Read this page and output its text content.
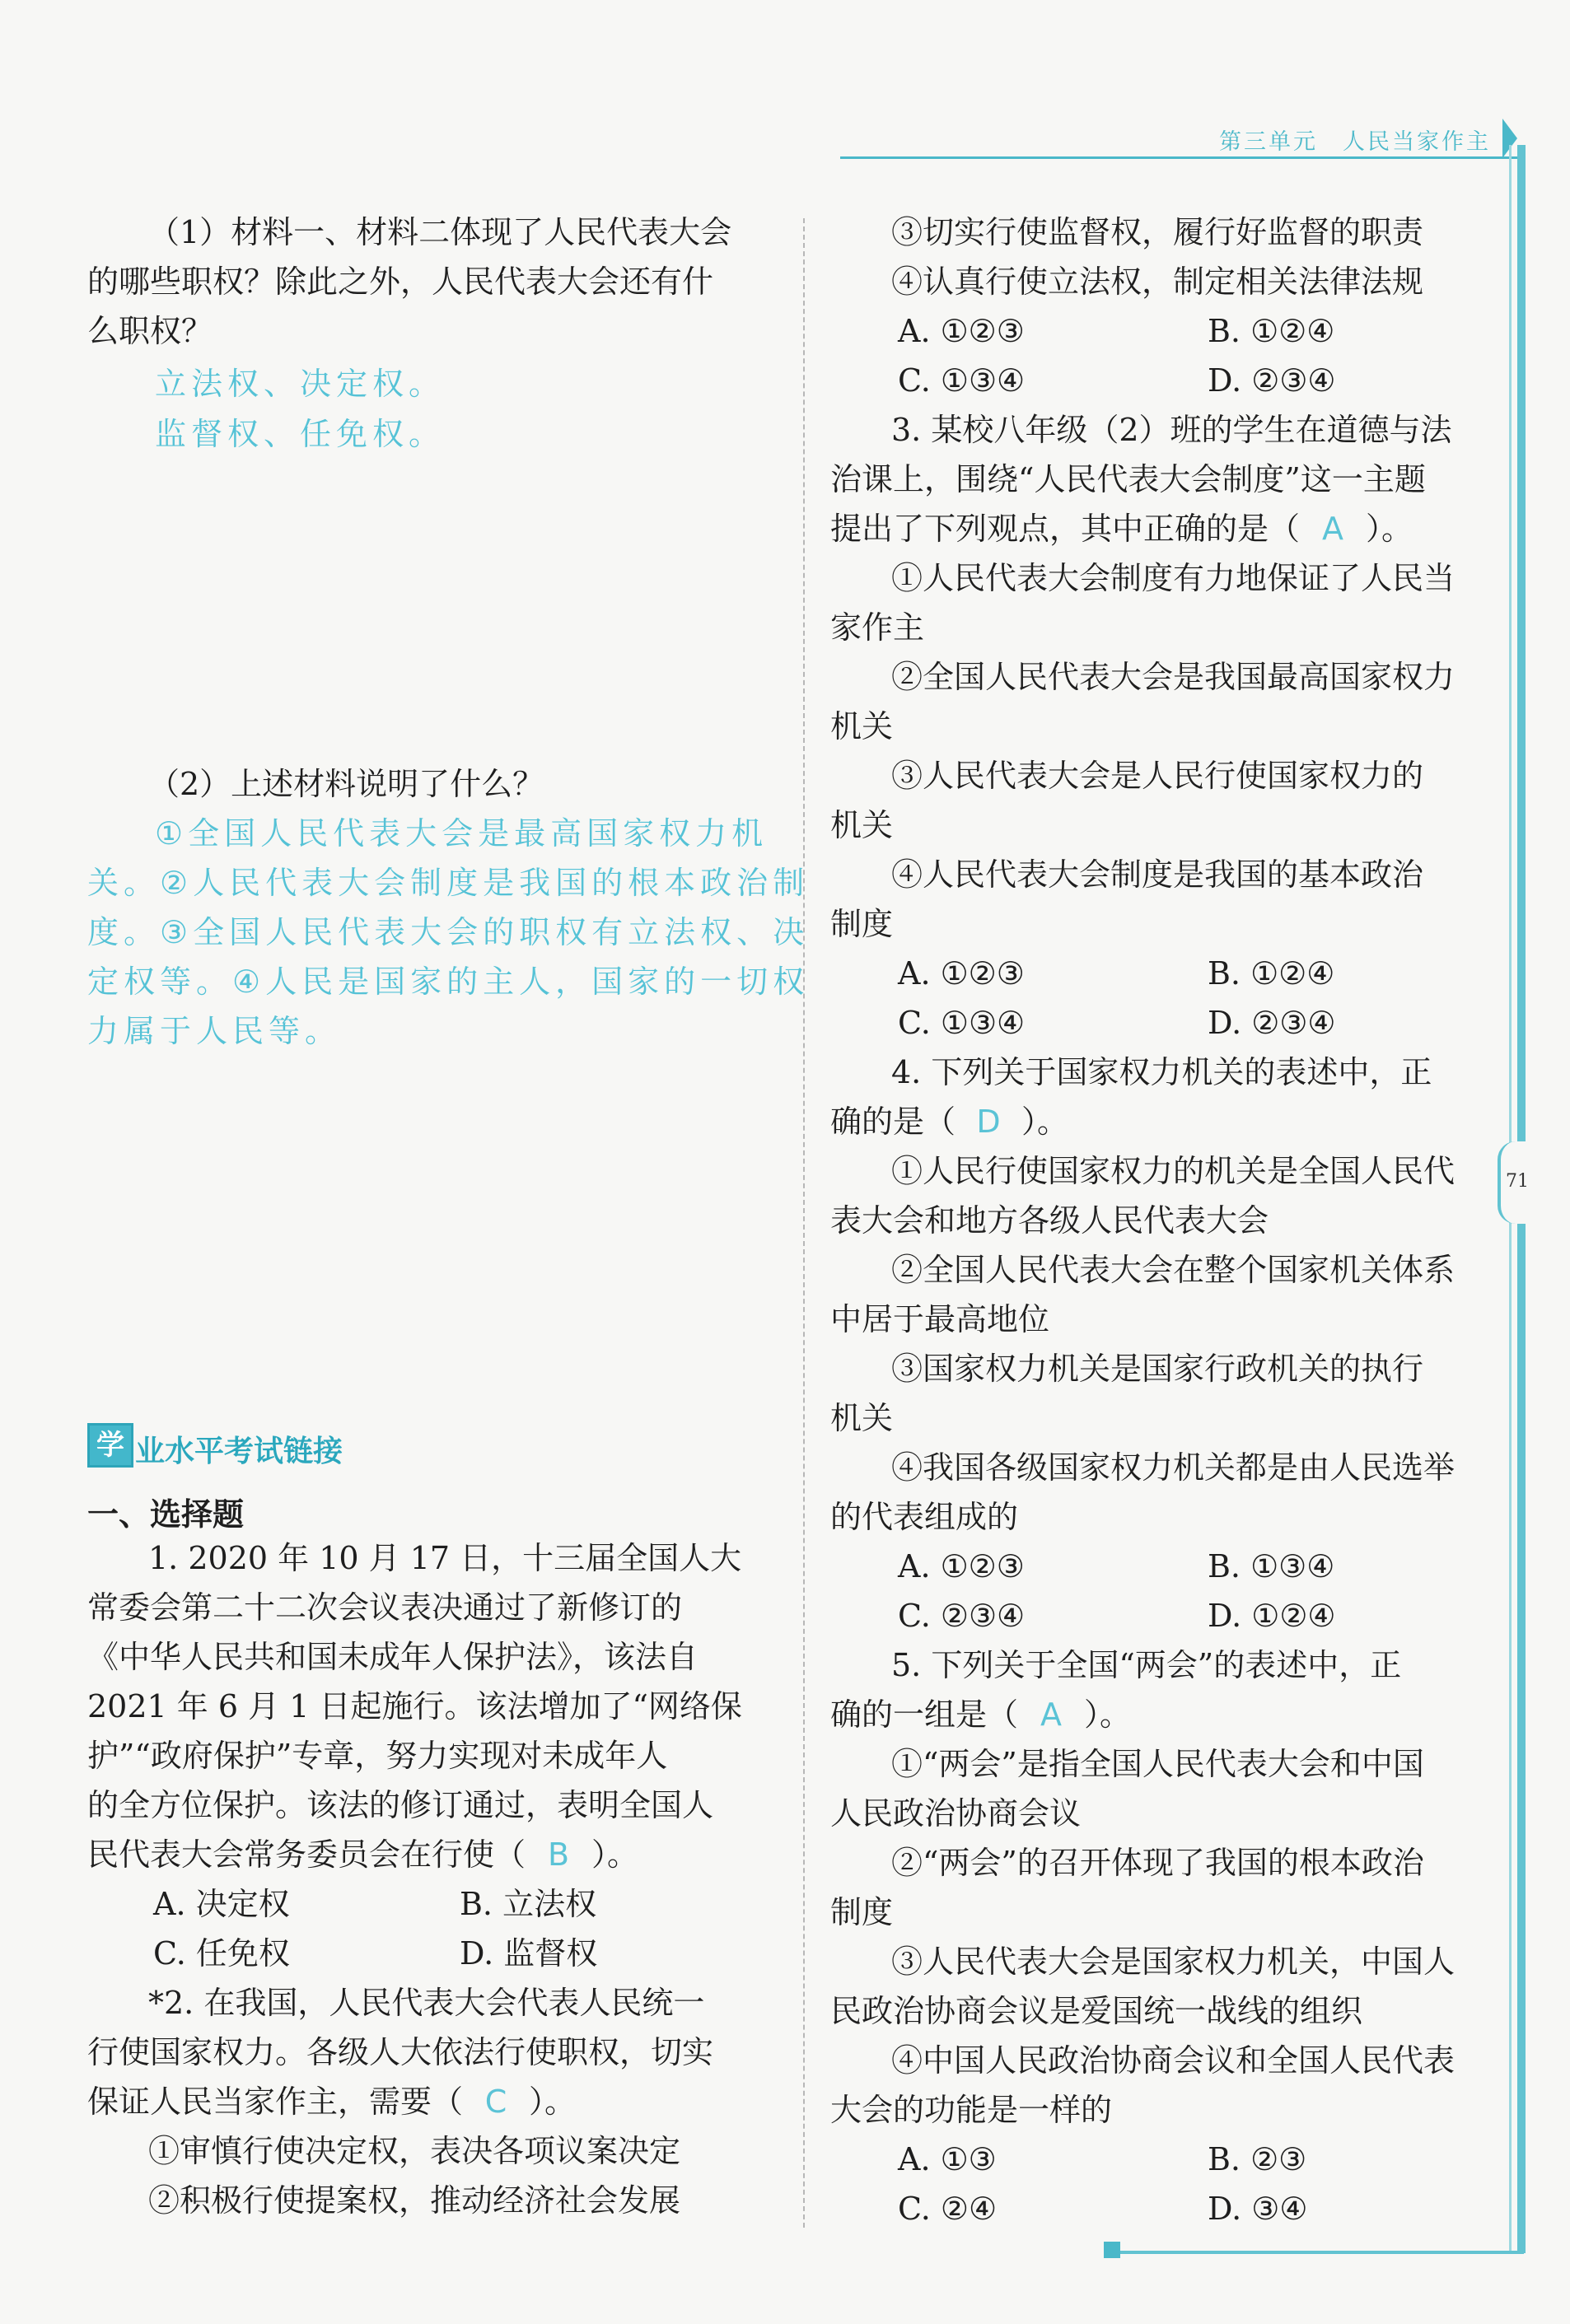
第三单元　人民当家作主
71
（1）材料一、材料二体现了人民代表大会
的哪些职权？除此之外，人民代表大会还有什
么职权？
立法权、决定权。
监督权、任免权。
（2）上述材料说明了什么？
①全国人民代表大会是最高国家权力机
关。②人民代表大会制度是我国的根本政治制
度。③全国人民代表大会的职权有立法权、决
定权等。④人民是国家的主人，国家的一切权
力属于人民等。
学 业水平考试链接
一、选择题
1. 2020 年 10 月 17 日，十三届全国人大
常委会第二十二次会议表决通过了新修订的
《中华人民共和国未成年人保护法》，该法自
2021 年 6 月 1 日起施行。该法增加了“网络保
护”“政府保护”专章，努力实现对未成年人
的全方位保护。该法的修订通过，表明全国人
民代表大会常务委员会在行使（ B ）。
A. 决定权	B. 立法权
C. 任免权	D. 监督权
*2. 在我国，人民代表大会代表人民统一
行使国家权力。各级人大依法行使职权，切实
保证人民当家作主，需要（ C ）。
①审慎行使决定权，表决各项议案决定
②积极行使提案权，推动经济社会发展
③切实行使监督权，履行好监督的职责
④认真行使立法权，制定相关法律法规
A. ①②③	B. ①②④
C. ①③④	D. ②③④
3. 某校八年级（2）班的学生在道德与法
治课上，围绕“人民代表大会制度”这一主题
提出了下列观点，其中正确的是（ A ）。
①人民代表大会制度有力地保证了人民当
家作主
②全国人民代表大会是我国最高国家权力
机关
③人民代表大会是人民行使国家权力的
机关
④人民代表大会制度是我国的基本政治
制度
A. ①②③	B. ①②④
C. ①③④	D. ②③④
4. 下列关于国家权力机关的表述中，正
确的是（ D ）。
①人民行使国家权力的机关是全国人民代
表大会和地方各级人民代表大会
②全国人民代表大会在整个国家机关体系
中居于最高地位
③国家权力机关是国家行政机关的执行
机关
④我国各级国家权力机关都是由人民选举
的代表组成的
A. ①②③	B. ①③④
C. ②③④	D. ①②④
5. 下列关于全国“两会”的表述中，正
确的一组是（ A ）。
①“两会”是指全国人民代表大会和中国
人民政治协商会议
②“两会”的召开体现了我国的根本政治
制度
③人民代表大会是国家权力机关，中国人
民政治协商会议是爱国统一战线的组织
④中国人民政治协商会议和全国人民代表
大会的功能是一样的
A. ①③	B. ②③
C. ②④	D. ③④
